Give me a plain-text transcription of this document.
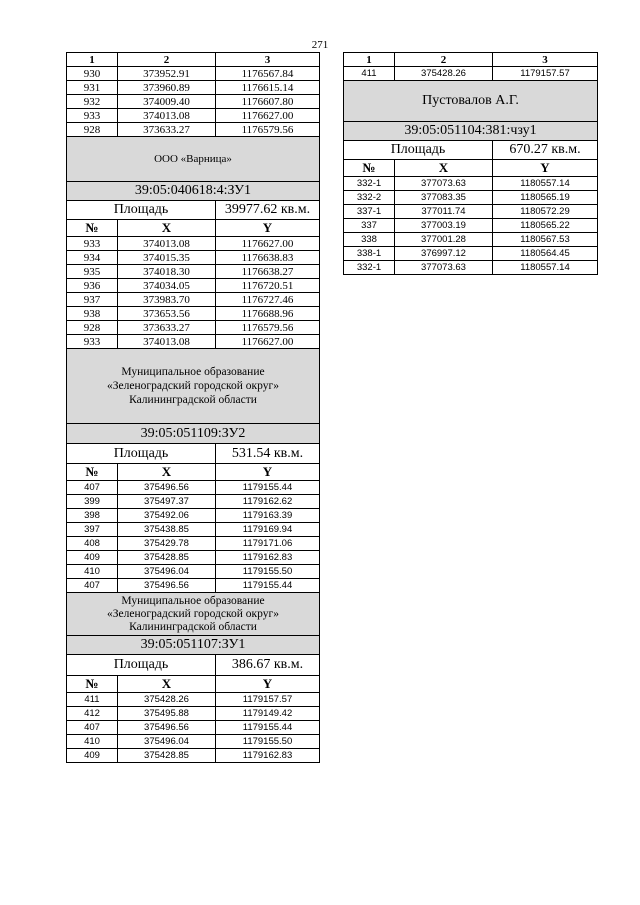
271
1	2	3
930	373952.91	1176567.84
931	373960.89	1176615.14
932	374009.40	1176607.80
933	374013.08	1176627.00
928	373633.27	1176579.56
ООО «Варница»		
39:05:040618:4:ЗУ1		
Площадь		39977.62 кв.м.
№	X	Y
933	374013.08	1176627.00
934	374015.35	1176638.83
935	374018.30	1176638.27
936	374034.05	1176720.51
937	373983.70	1176727.46
938	373653.56	1176688.96
928	373633.27	1176579.56
933	374013.08	1176627.00

Муниципальное образование
«Зеленоградский городской округ»
Калининградской области		

39:05:051109:ЗУ2		
Площадь		531.54 кв.м.
№	X	Y
407	375496.56	1179155.44
399	375497.37	1179162.62
398	375492.06	1179163.39
397	375438.85	1179169.94
408	375429.78	1179171.06
409	375428.85	1179162.83
410	375496.04	1179155.50
407	375496.56	1179155.44

Муниципальное образование
«Зеленоградский городской округ»
Калининградской области		

39:05:051107:ЗУ1		
Площадь		386.67 кв.м.
№	X	Y
411	375428.26	1179157.57
412	375495.88	1179149.42
407	375496.56	1179155.44
410	375496.04	1179155.50
409	375428.85	1179162.83
1	2	3
411	375428.26	1179157.57
Пустовалов А.Г.		
39:05:051104:381:чзу1		
Площадь		670.27 кв.м.
№	X	Y
332-1	377073.63	1180557.14
332-2	377083.35	1180565.19
337-1	377011.74	1180572.29
337	377003.19	1180565.22
338	377001.28	1180567.53
338-1	376997.12	1180564.45
332-1	377073.63	1180557.14
